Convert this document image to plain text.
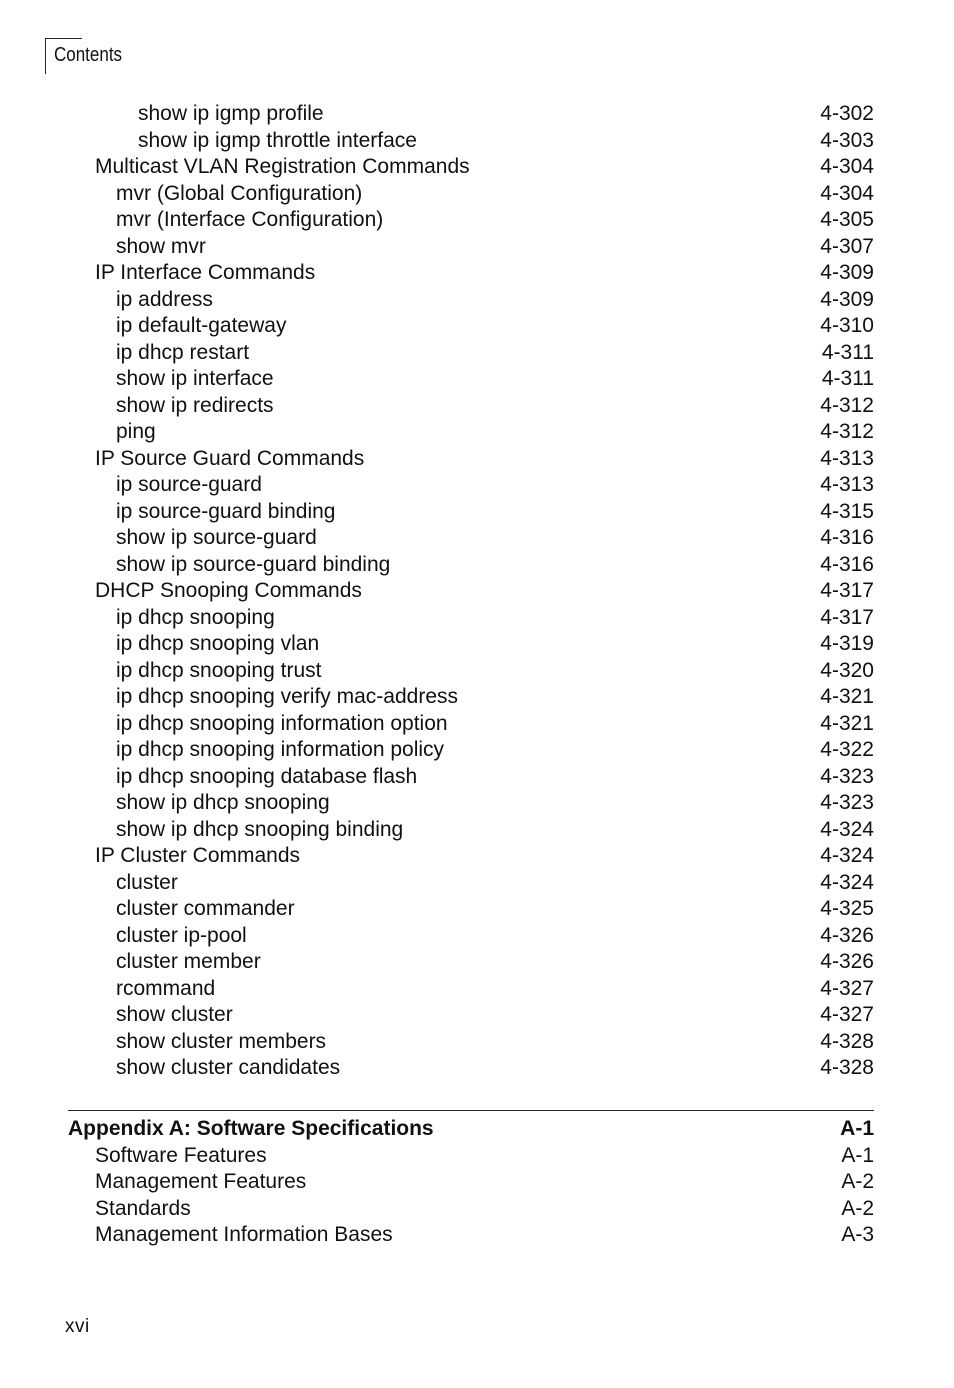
Contents
show ip igmp profile	4-302
show ip igmp throttle interface	4-303
Multicast VLAN Registration Commands	4-304
mvr (Global Configuration)	4-304
mvr (Interface Configuration)	4-305
show mvr	4-307
IP Interface Commands	4-309
ip address	4-309
ip default-gateway	4-310
ip dhcp restart	4-311
show ip interface	4-311
show ip redirects	4-312
ping	4-312
IP Source Guard Commands	4-313
ip source-guard	4-313
ip source-guard binding	4-315
show ip source-guard	4-316
show ip source-guard binding	4-316
DHCP Snooping Commands	4-317
ip dhcp snooping	4-317
ip dhcp snooping vlan	4-319
ip dhcp snooping trust	4-320
ip dhcp snooping verify mac-address	4-321
ip dhcp snooping information option	4-321
ip dhcp snooping information policy	4-322
ip dhcp snooping database flash	4-323
show ip dhcp snooping	4-323
show ip dhcp snooping binding	4-324
IP Cluster Commands	4-324
cluster	4-324
cluster commander	4-325
cluster ip-pool	4-326
cluster member	4-326
rcommand	4-327
show cluster	4-327
show cluster members	4-328
show cluster candidates	4-328
Appendix A: Software Specifications	A-1
Software Features	A-1
Management Features	A-2
Standards	A-2
Management Information Bases	A-3
xvi
